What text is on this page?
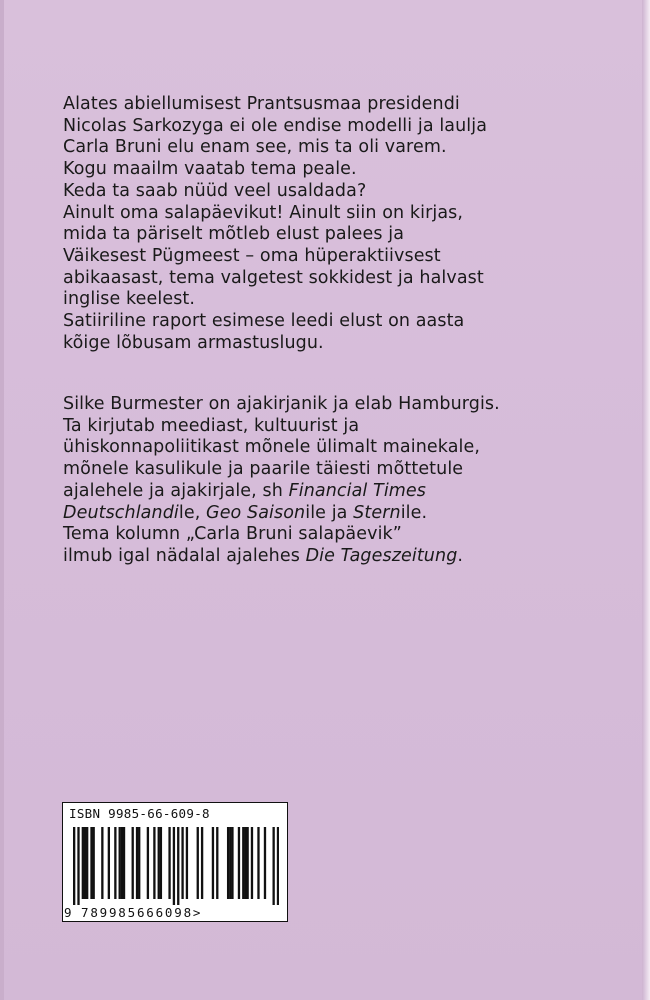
Alates abiellumisest Prantsusmaa presidendi
Nicolas Sarkozyga ei ole endise modelli ja laulja
Carla Bruni elu enam see, mis ta oli varem.
Kogu maailm vaatab tema peale.
Keda ta saab nüüd veel usaldada?
Ainult oma salapäevikut! Ainult siin on kirjas,
mida ta päriselt mõtleb elust palees ja
Väikesest Pügmeest – oma hüperaktiivsest
abikaasast, tema valgetest sokkidest ja halvast
inglise keelest.
Satiiriline raport esimese leedi elust on aasta
kõige lõbusam armastuslugu.
Silke Burmester on ajakirjanik ja elab Hamburgis.
Ta kirjutab meediast, kultuurist ja
ühiskonnapoliitikast mõnele ülimalt mainekale,
mõnele kasulikule ja paarile täiesti mõttetule
ajalehele ja ajakirjale, sh Financial Times
Deutschlandile, Geo Saisonile ja Sternile.
Tema kolumn „Carla Bruni salapäevik”
ilmub igal nädalal ajalehes Die Tageszeitung.
ISBN 9985-66-609-8
9 789985666098>
